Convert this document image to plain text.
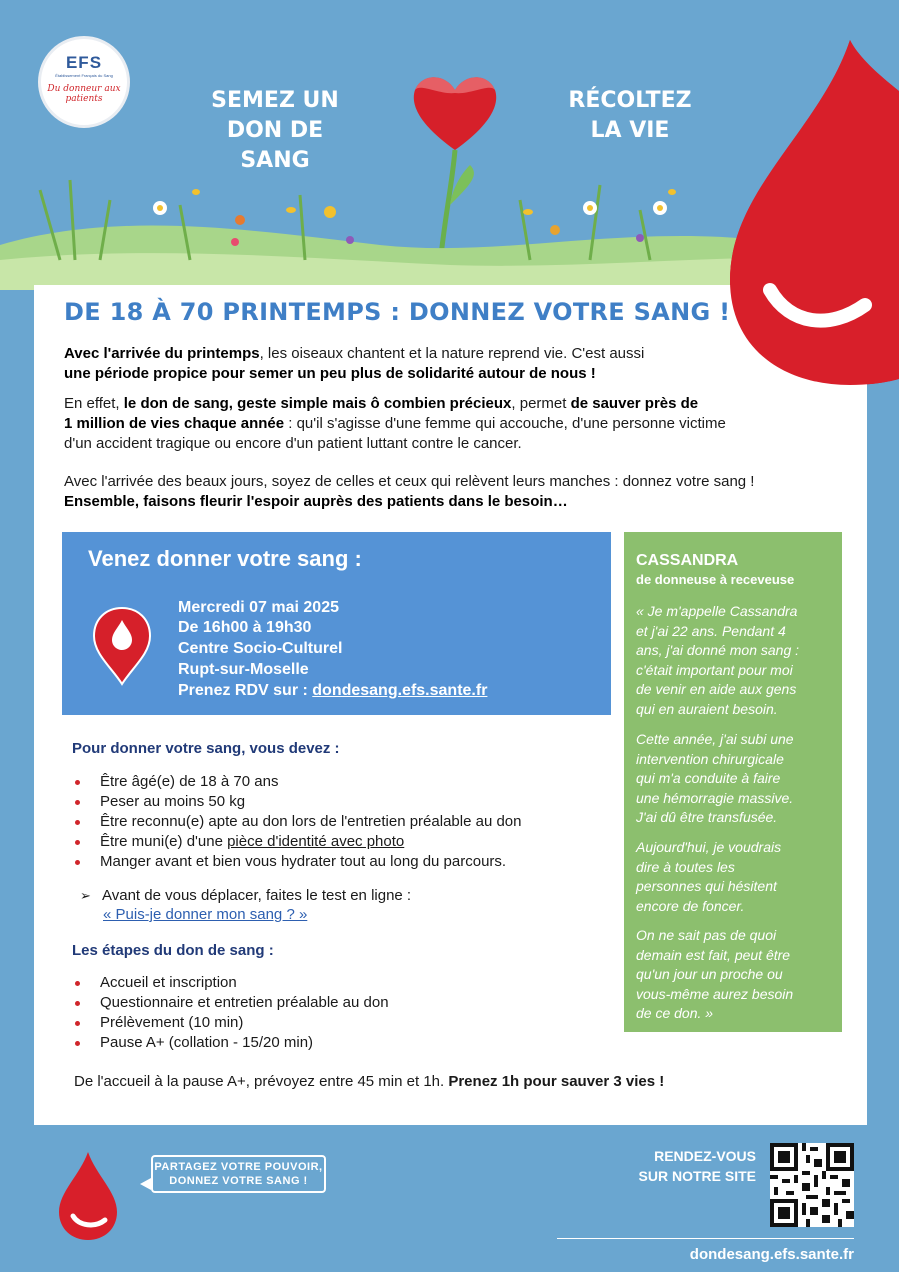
EFS
Établissement Français du Sang
Du donneur aux patients	SEMEZ UN
DON DE SANG
RÉCOLTEZ
LA VIE
DE 18 À 70 PRINTEMPS : DONNEZ VOTRE SANG !

Avec l'arrivée du printemps, les oiseaux chantent et la nature reprend vie. C'est aussi
une période propice pour semer un peu plus de solidarité autour de nous !

En effet, le don de sang, geste simple mais ô combien précieux, permet de sauver près de
1 million de vies chaque année : qu'il s'agisse d'une femme qui accouche, d'une personne victime
d'un accident tragique ou encore d'un patient luttant contre le cancer.

Avec l'arrivée des beaux jours, soyez de celles et ceux qui relèvent leurs manches : donnez votre sang !
Ensemble, faisons fleurir l'espoir auprès des patients dans le besoin…

Venez donner votre sang :
Mercredi 07 mai 2025
De 16h00 à 19h30
Centre Socio-Culturel
Rupt-sur-Moselle
Prenez RDV sur : dondesang.efs.sante.fr
CASSANDRA
de donneuse à receveuse
« Je m'appelle Cassandra
et j'ai 22 ans. Pendant 4
ans, j'ai donné mon sang :
c'était important pour moi
de venir en aide aux gens
qui en auraient besoin.
Cette année, j'ai subi une
intervention chirurgicale
qui m'a conduite à faire
une hémorragie massive.
J'ai dû être transfusée.
Aujourd'hui, je voudrais
dire à toutes les
personnes qui hésitent
encore de foncer.
On ne sait pas de quoi
demain est fait, peut être
qu'un jour un proche ou
vous-même aurez besoin
de ce don. »
Pour donner votre sang, vous devez :
Être âgé(e) de 18 à 70 ans
Peser au moins 50 kg
Être reconnu(e) apte au don lors de l'entretien préalable au don
Être muni(e) d'une pièce d'identité avec photo
Manger avant et bien vous hydrater tout au long du parcours.
➢ Avant de vous déplacer, faites le test en ligne :
« Puis-je donner mon sang ? »
Les étapes du don de sang :
Accueil et inscription
Questionnaire et entretien préalable au don
Prélèvement (10 min)
Pause A+ (collation - 15/20 min)
De l'accueil à la pause A+, prévoyez entre 45 min et 1h. Prenez 1h pour sauver 3 vies !
PARTAGEZ VOTRE POUVOIR,
DONNEZ VOTRE SANG !
RENDEZ-VOUS
SUR NOTRE SITE
dondesang.efs.sante.fr
